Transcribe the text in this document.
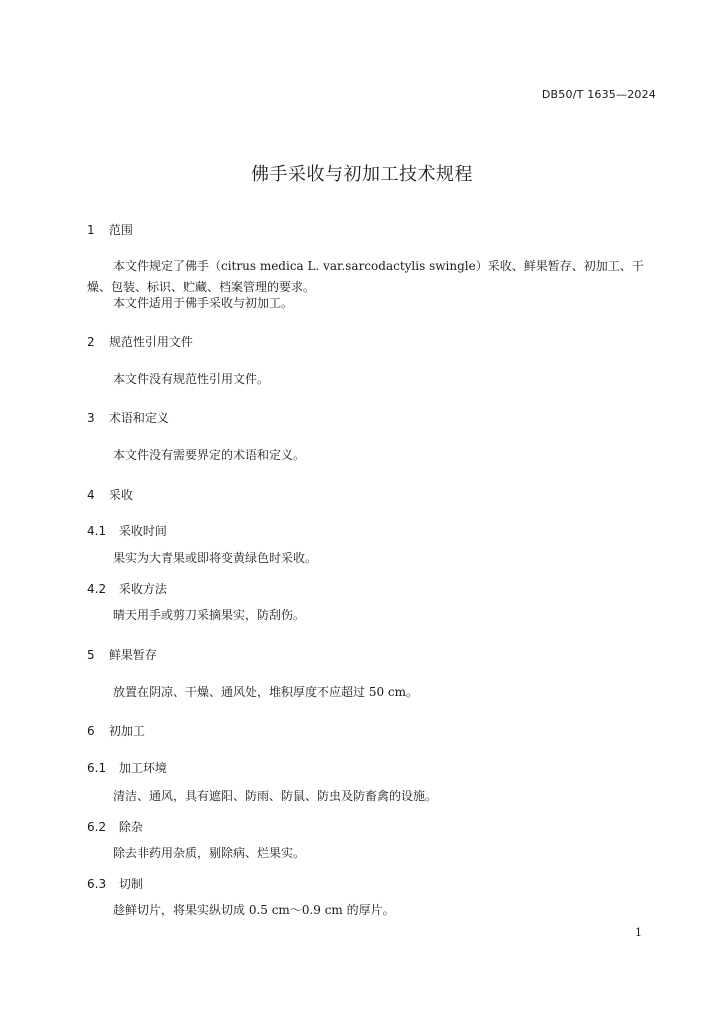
DB50/T 1635—2024
佛手采收与初加工技术规程
1 范围
本文件规定了佛手（citrus medica L. var.sarcodactylis swingle）采收、鲜果暂存、初加工、干燥、包装、标识、贮藏、档案管理的要求。
本文件适用于佛手采收与初加工。
2 规范性引用文件
本文件没有规范性引用文件。
3 术语和定义
本文件没有需要界定的术语和定义。
4 采收
4.1 采收时间
果实为大青果或即将变黄绿色时采收。
4.2 采收方法
晴天用手或剪刀采摘果实，防刮伤。
5 鲜果暂存
放置在阴凉、干燥、通风处，堆积厚度不应超过 50 cm。
6 初加工
6.1 加工环境
清洁、通风，具有遮阳、防雨、防鼠、防虫及防畜禽的设施。
6.2 除杂
除去非药用杂质，剔除病、烂果实。
6.3 切制
趁鲜切片，将果实纵切成 0.5 cm～0.9 cm 的厚片。
1
